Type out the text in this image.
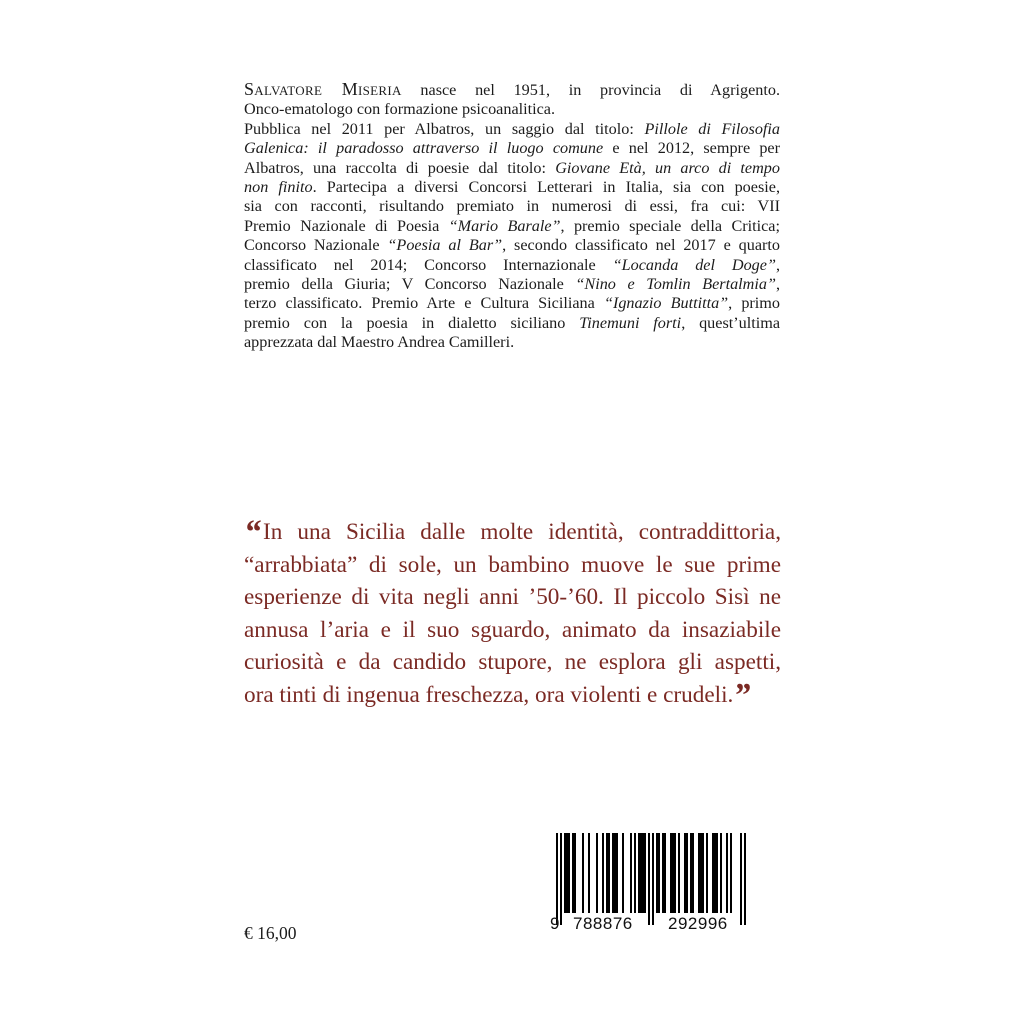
Salvatore Miseria nasce nel 1951, in provincia di Agrigento.

Onco-ematologo con formazione psicoanalitica.

Pubblica nel 2011 per Albatros, un saggio dal titolo: Pillole di Filosofia

Galenica: il paradosso attraverso il luogo comune e nel 2012, sempre per

Albatros, una raccolta di poesie dal titolo: Giovane Età, un arco di tempo

non finito. Partecipa a diversi Concorsi Letterari in Italia, sia con poesie,

sia con racconti, risultando premiato in numerosi di essi, fra cui: VII

Premio Nazionale di Poesia “Mario Barale”, premio speciale della Critica;

Concorso Nazionale “Poesia al Bar”, secondo classificato nel 2017 e quarto

classificato nel 2014; Concorso Internazionale “Locanda del Doge”,

premio della Giuria; V Concorso Nazionale “Nino e Tomlin Bertalmia”,

terzo classificato. Premio Arte e Cultura Siciliana “Ignazio Buttitta”, primo

premio con la poesia in dialetto siciliano Tinemuni forti, quest’ultima

apprezzata dal Maestro Andrea Camilleri.

“In una Sicilia dalle molte identità, contraddittoria,

“arrabbiata” di sole, un bambino muove le sue prime

esperienze di vita negli anni ’50-’60. Il piccolo Sisì ne

annusa l’aria e il suo sguardo, animato da insaziabile

curiosità e da candido stupore, ne esplora gli aspetti,

ora tinti di ingenua freschezza, ora violenti e crudeli.”

€ 16,00	9 788876 292996
